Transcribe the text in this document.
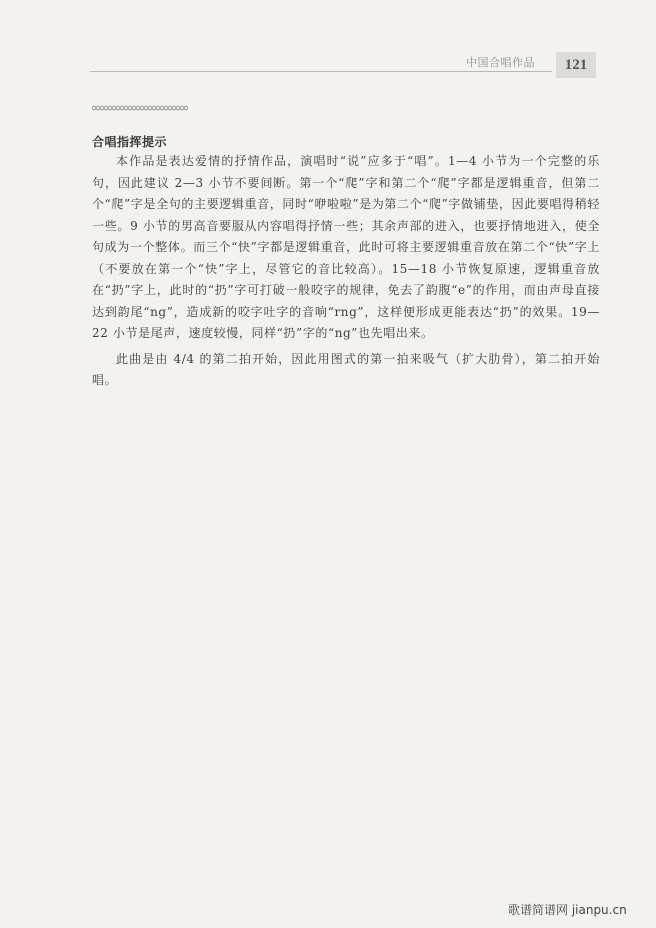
中国合唱作品	121
合唱指挥提示

本作品是表达爱情的抒情作品，演唱时“说”应多于“唱”。1—4 小节为一个完整的乐句，因此建议 2—3 小节不要间断。第一个“爬”字和第二个“爬”字都是逻辑重音，但第二个“爬”字是全句的主要逻辑重音，同时“咿啦啦”是为第二个“爬”字做铺垫，因此要唱得稍轻一些。9 小节的男高音要服从内容唱得抒情一些；其余声部的进入，也要抒情地进入，使全句成为一个整体。而三个“快”字都是逻辑重音，此时可将主要逻辑重音放在第二个“快”字上（不要放在第一个“快”字上，尽管它的音比较高）。15—18 小节恢复原速，逻辑重音放在“扔”字上，此时的“扔”字可打破一般咬字的规律，免去了韵腹“e”的作用，而由声母直接达到韵尾“ng”，造成新的咬字吐字的音响“rng”，这样便形成更能表达“扔”的效果。19—22 小节是尾声，速度较慢，同样“扔”字的“ng”也先唱出来。

此曲是由 4/4 的第二拍开始，因此用图式的第一拍来吸气（扩大肋骨），第二拍开始唱。

歌谱简谱网 jianpu.cn
